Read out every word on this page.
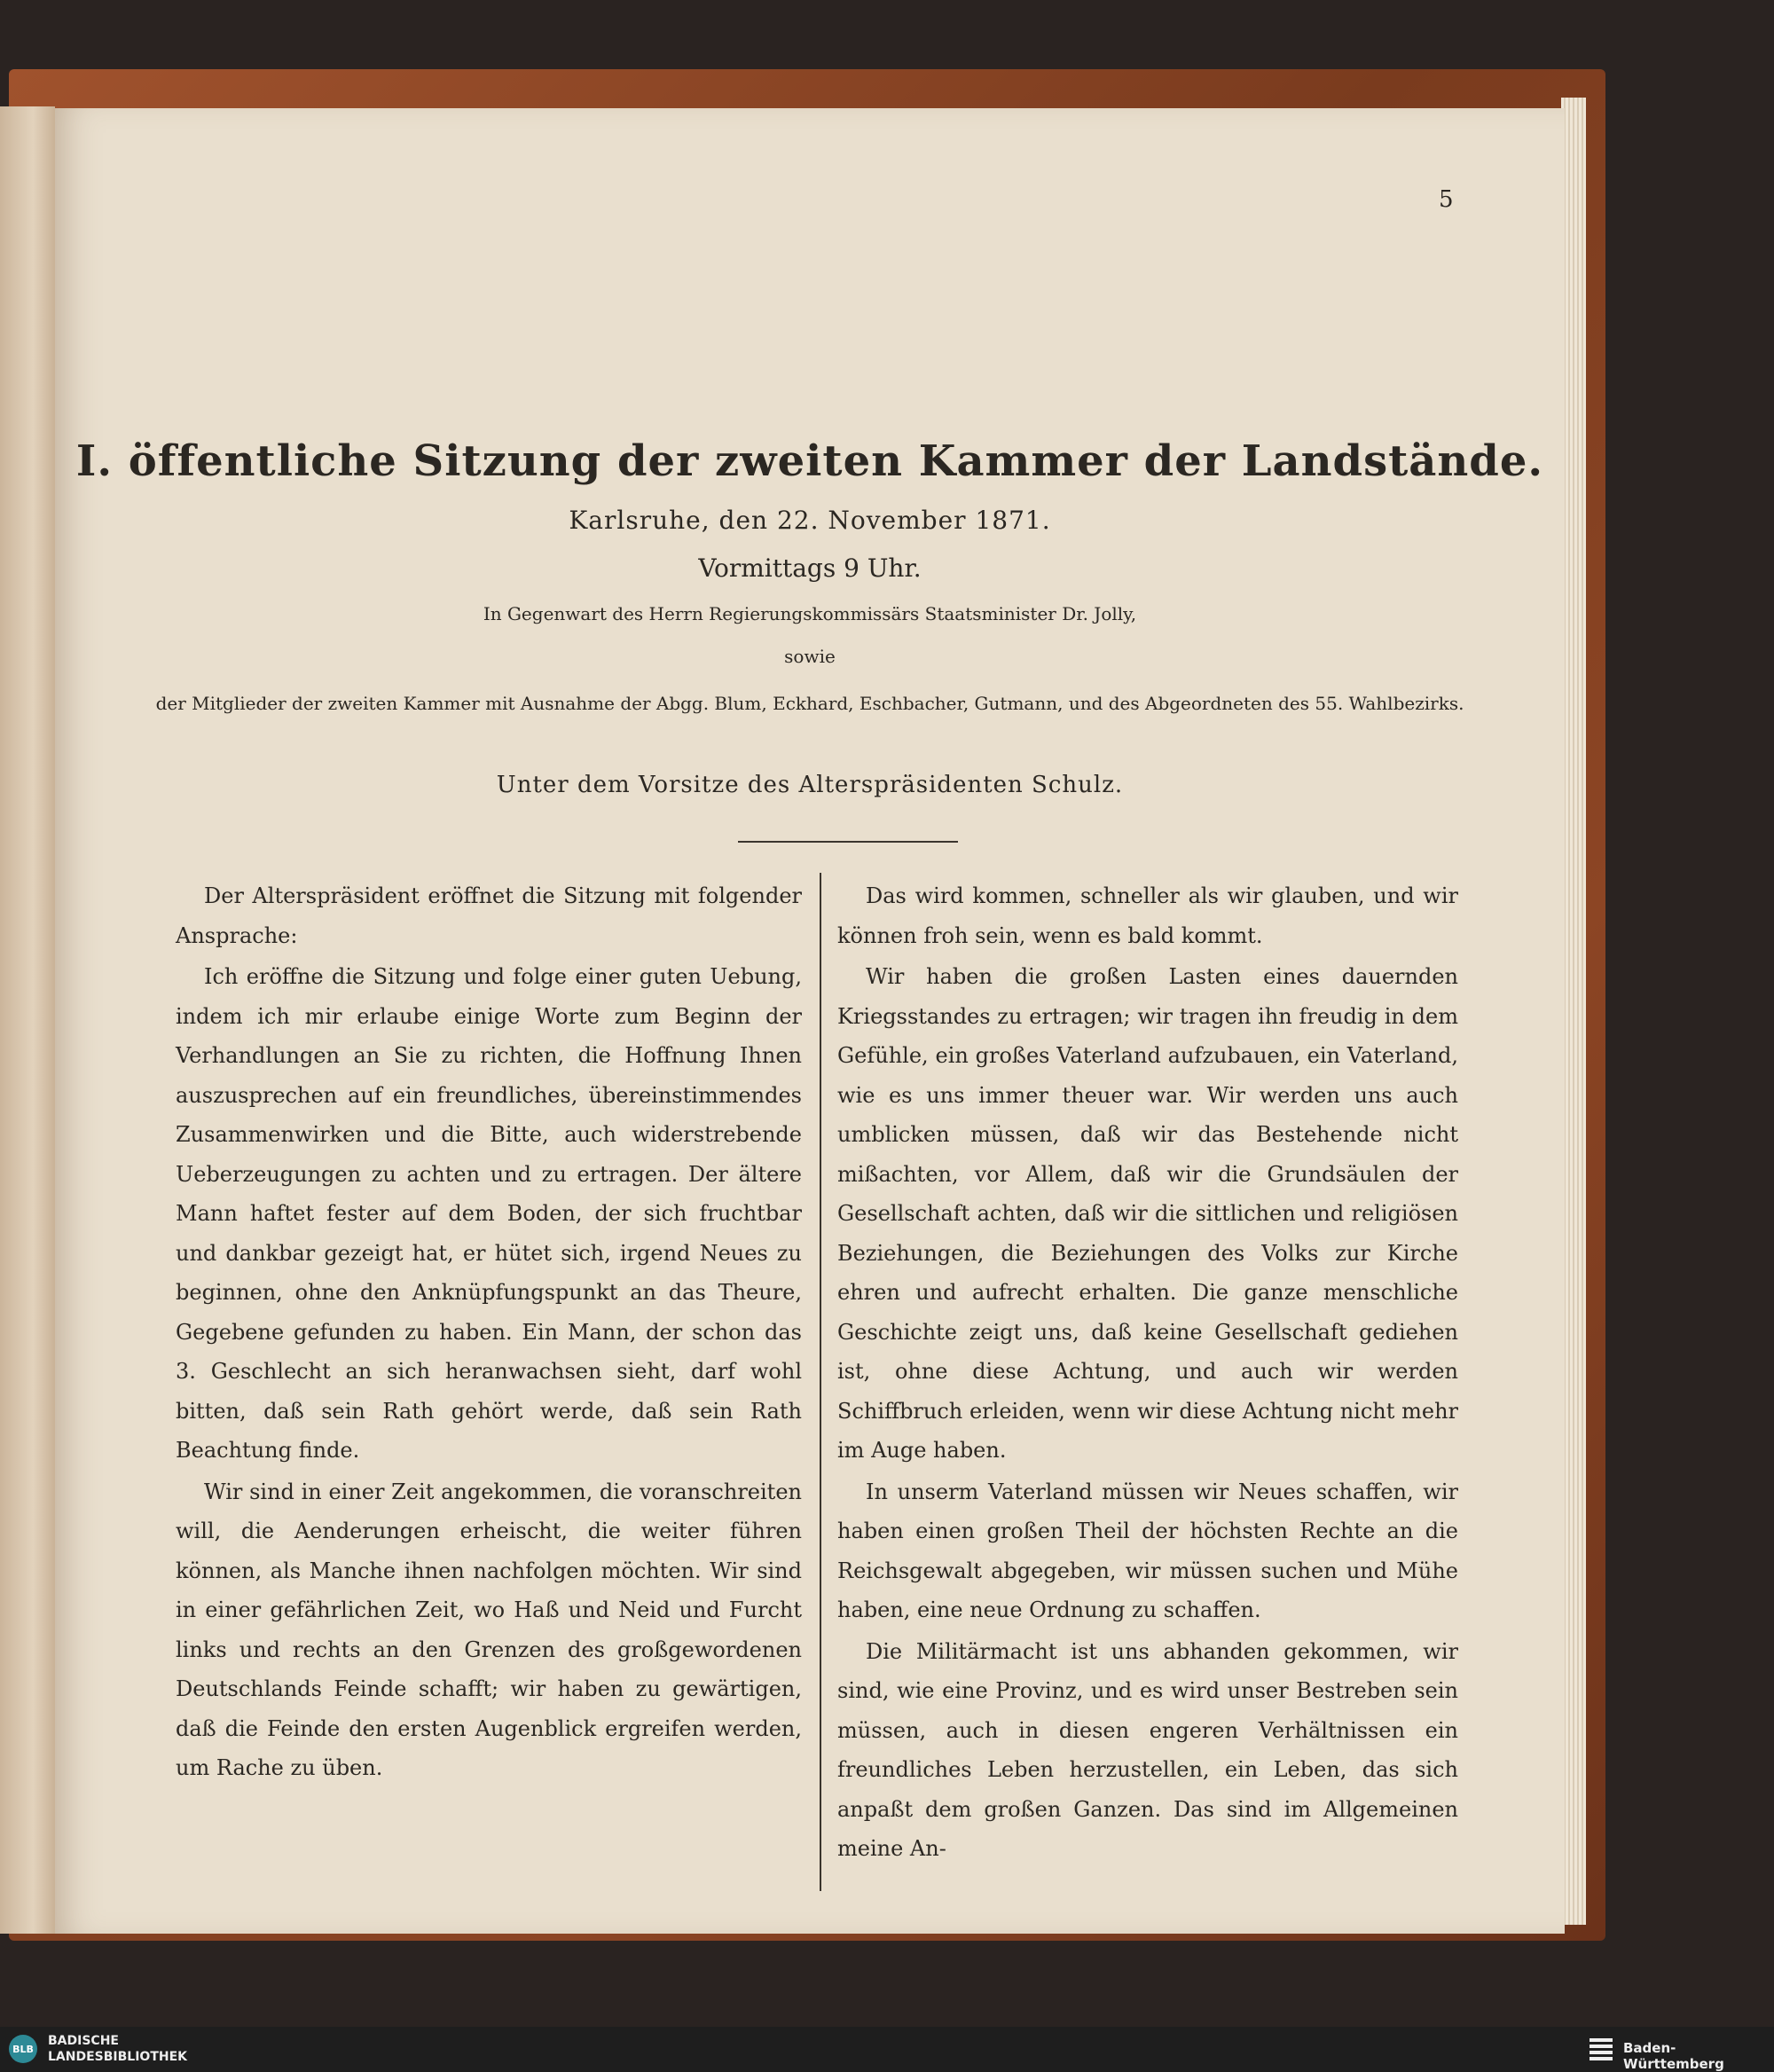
5
I. öffentliche Sitzung der zweiten Kammer der Landstände.
Karlsruhe, den 22. November 1871.
Vormittags 9 Uhr.
In Gegenwart des Herrn Regierungskommissärs Staatsminister Dr. Jolly,
sowie
der Mitglieder der zweiten Kammer mit Ausnahme der Abgg. Blum, Eckhard, Eschbacher, Gutmann, und des Abgeordneten des 55. Wahlbezirks.
Unter dem Vorsitze des Alterspräsidenten Schulz.

Der Alterspräsident eröffnet die Sitzung mit folgender Ansprache:

Ich eröffne die Sitzung und folge einer guten Uebung, indem ich mir erlaube einige Worte zum Beginn der Verhandlungen an Sie zu richten, die Hoffnung Ihnen auszusprechen auf ein freundliches, übereinstimmendes Zusammenwirken und die Bitte, auch widerstrebende Ueberzeugungen zu achten und zu ertragen. Der ältere Mann haftet fester auf dem Boden, der sich fruchtbar und dankbar gezeigt hat, er hütet sich, irgend Neues zu beginnen, ohne den Anknüpfungspunkt an das Theure, Gegebene gefunden zu haben. Ein Mann, der schon das 3. Geschlecht an sich heranwachsen sieht, darf wohl bitten, daß sein Rath gehört werde, daß sein Rath Beachtung finde.

Wir sind in einer Zeit angekommen, die voranschreiten will, die Aenderungen erheischt, die weiter führen können, als Manche ihnen nachfolgen möchten. Wir sind in einer gefährlichen Zeit, wo Haß und Neid und Furcht links und rechts an den Grenzen des großgewordenen Deutschlands Feinde schafft; wir haben zu gewärtigen, daß die Feinde den ersten Augenblick ergreifen werden, um Rache zu üben.

Das wird kommen, schneller als wir glauben, und wir können froh sein, wenn es bald kommt.

Wir haben die großen Lasten eines dauernden Kriegsstandes zu ertragen; wir tragen ihn freudig in dem Gefühle, ein großes Vaterland aufzubauen, ein Vaterland, wie es uns immer theuer war. Wir werden uns auch umblicken müssen, daß wir das Bestehende nicht mißachten, vor Allem, daß wir die Grundsäulen der Gesellschaft achten, daß wir die sittlichen und religiösen Beziehungen, die Beziehungen des Volks zur Kirche ehren und aufrecht erhalten. Die ganze menschliche Geschichte zeigt uns, daß keine Gesellschaft gediehen ist, ohne diese Achtung, und auch wir werden Schiffbruch erleiden, wenn wir diese Achtung nicht mehr im Auge haben.

In unserm Vaterland müssen wir Neues schaffen, wir haben einen großen Theil der höchsten Rechte an die Reichsgewalt abgegeben, wir müssen suchen und Mühe haben, eine neue Ordnung zu schaffen.

Die Militärmacht ist uns abhanden gekommen, wir sind, wie eine Provinz, und es wird unser Bestreben sein müssen, auch in diesen engeren Verhältnissen ein freundliches Leben herzustellen, ein Leben, das sich anpaßt dem großen Ganzen. Das sind im Allgemeinen meine An-

BLB
BADISCHE
LANDESBIBLIOTHEK
Baden-Württemberg
